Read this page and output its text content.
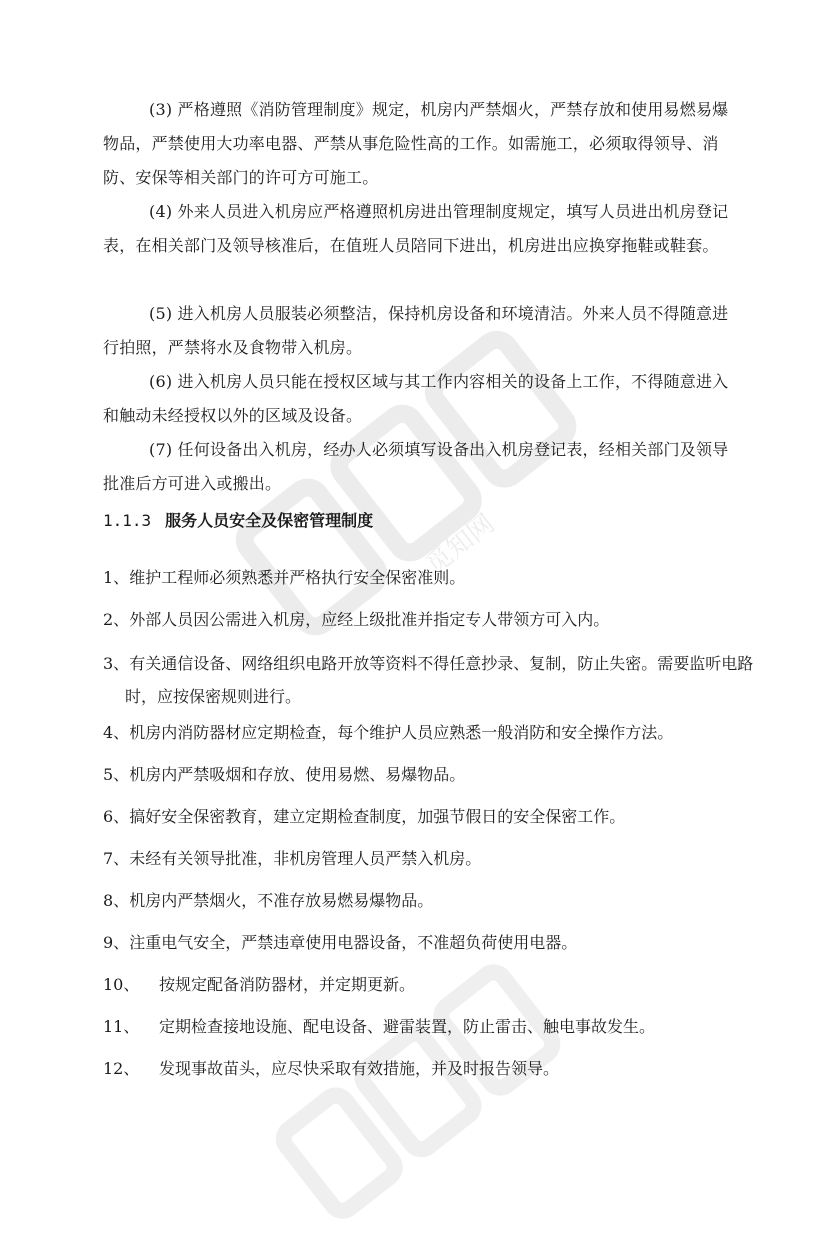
觅知网

(3) 严格遵照《消防管理制度》规定，机房内严禁烟火，严禁存放和使用易燃易爆物品，严禁使用大功率电器、严禁从事危险性高的工作。如需施工，必须取得领导、消防、安保等相关部门的许可方可施工。

(4) 外来人员进入机房应严格遵照机房进出管理制度规定，填写人员进出机房登记表，在相关部门及领导核准后，在值班人员陪同下进出，机房进出应换穿拖鞋或鞋套。

(5) 进入机房人员服装必须整洁，保持机房设备和环境清洁。外来人员不得随意进行拍照，严禁将水及食物带入机房。

(6) 进入机房人员只能在授权区域与其工作内容相关的设备上工作，不得随意进入和触动未经授权以外的区域及设备。

(7) 任何设备出入机房，经办人必须填写设备出入机房登记表，经相关部门及领导批准后方可进入或搬出。

1.1.3 服务人员安全及保密管理制度

1、维护工程师必须熟悉并严格执行安全保密准则。

2、外部人员因公需进入机房，应经上级批准并指定专人带领方可入内。

3、有关通信设备、网络组织电路开放等资料不得任意抄录、复制，防止失密。需要监听电路时，应按保密规则进行。

4、机房内消防器材应定期检查，每个维护人员应熟悉一般消防和安全操作方法。

5、机房内严禁吸烟和存放、使用易燃、易爆物品。

6、搞好安全保密教育，建立定期检查制度，加强节假日的安全保密工作。

7、未经有关领导批准，非机房管理人员严禁入机房。

8、机房内严禁烟火，不准存放易燃易爆物品。

9、注重电气安全，严禁违章使用电器设备，不准超负荷使用电器。

10、 按规定配备消防器材，并定期更新。

11、 定期检查接地设施、配电设备、避雷装置，防止雷击、触电事故发生。

12、 发现事故苗头，应尽快采取有效措施，并及时报告领导。
